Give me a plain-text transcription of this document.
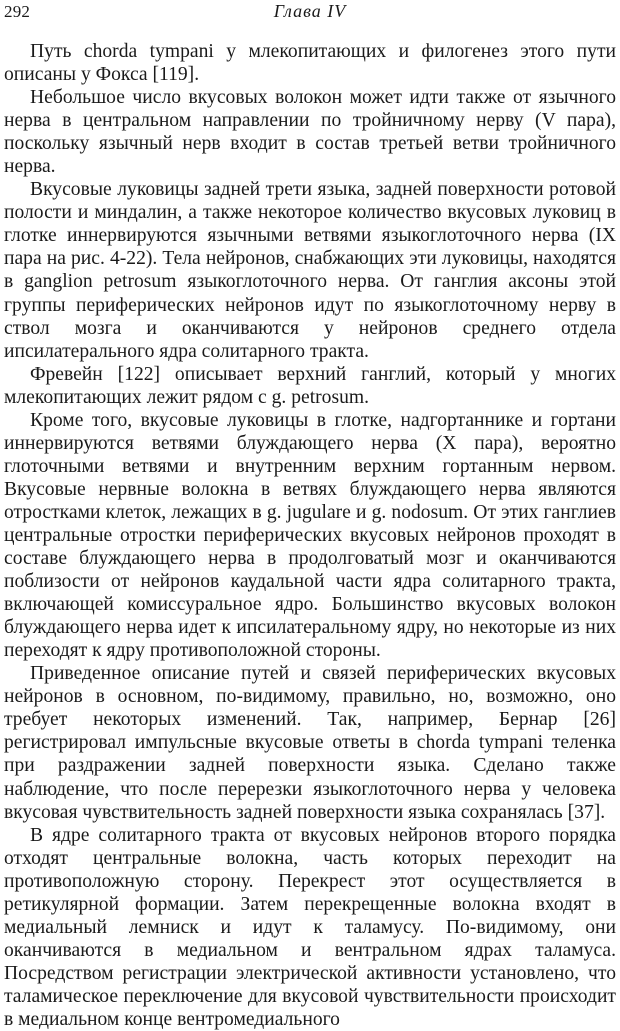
292	Глава IV

Путь chorda tympani у млекопитающих и филогенез этого пути описаны у Фокса [119].

Небольшое число вкусовых волокон может идти также от язычного нерва в центральном направлении по тройничному нерву (V пара), поскольку язычный нерв входит в состав третьей ветви тройничного нерва.

Вкусовые луковицы задней трети языка, задней поверхности ротовой полости и миндалин, а также некоторое количество вкусовых луковиц в глотке иннервируются язычными ветвями языкоглоточного нерва (IX пара на рис. 4-22). Тела нейронов, снабжающих эти луковицы, находятся в ganglion petrosum языкоглоточного нерва. От ганглия аксоны этой группы периферических нейронов идут по языкоглоточному нерву в ствол мозга и оканчиваются у нейронов среднего отдела ипсилатерального ядра солитарного тракта.

Фревейн [122] описывает верхний ганглий, который у многих млекопитающих лежит рядом с g. petrosum.

Кроме того, вкусовые луковицы в глотке, надгортаннике и гортани иннервируются ветвями блуждающего нерва (X пара), вероятно глоточными ветвями и внутренним верхним гортанным нервом. Вкусовые нервные волокна в ветвях блуждающего нерва являются отростками клеток, лежащих в g. jugulare и g. nodosum. От этих ганглиев центральные отростки периферических вкусовых нейронов проходят в составе блуждающего нерва в продолговатый мозг и оканчиваются поблизости от нейронов каудальной части ядра солитарного тракта, включающей комиссуральное ядро. Большинство вкусовых волокон блуждающего нерва идет к ипсилатеральному ядру, но некоторые из них переходят к ядру противоположной стороны.

Приведенное описание путей и связей периферических вкусовых нейронов в основном, по-видимому, правильно, но, возможно, оно требует некоторых изменений. Так, например, Бернар [26] регистрировал импульсные вкусовые ответы в chorda tympani теленка при раздражении задней поверхности языка. Сделано также наблюдение, что после перерезки языкоглоточного нерва у человека вкусовая чувствительность задней поверхности языка сохранялась [37].

В ядре солитарного тракта от вкусовых нейронов второго порядка отходят центральные волокна, часть которых переходит на противоположную сторону. Перекрест этот осуществляется в ретикулярной формации. Затем перекрещенные волокна входят в медиальный лемниск и идут к таламусу. По-видимому, они оканчиваются в медиальном и вентральном ядрах таламуса. Посредством регистрации электрической активности установлено, что таламическое переключение для вкусовой чувствительности происходит в медиальном конце вентромедиального
